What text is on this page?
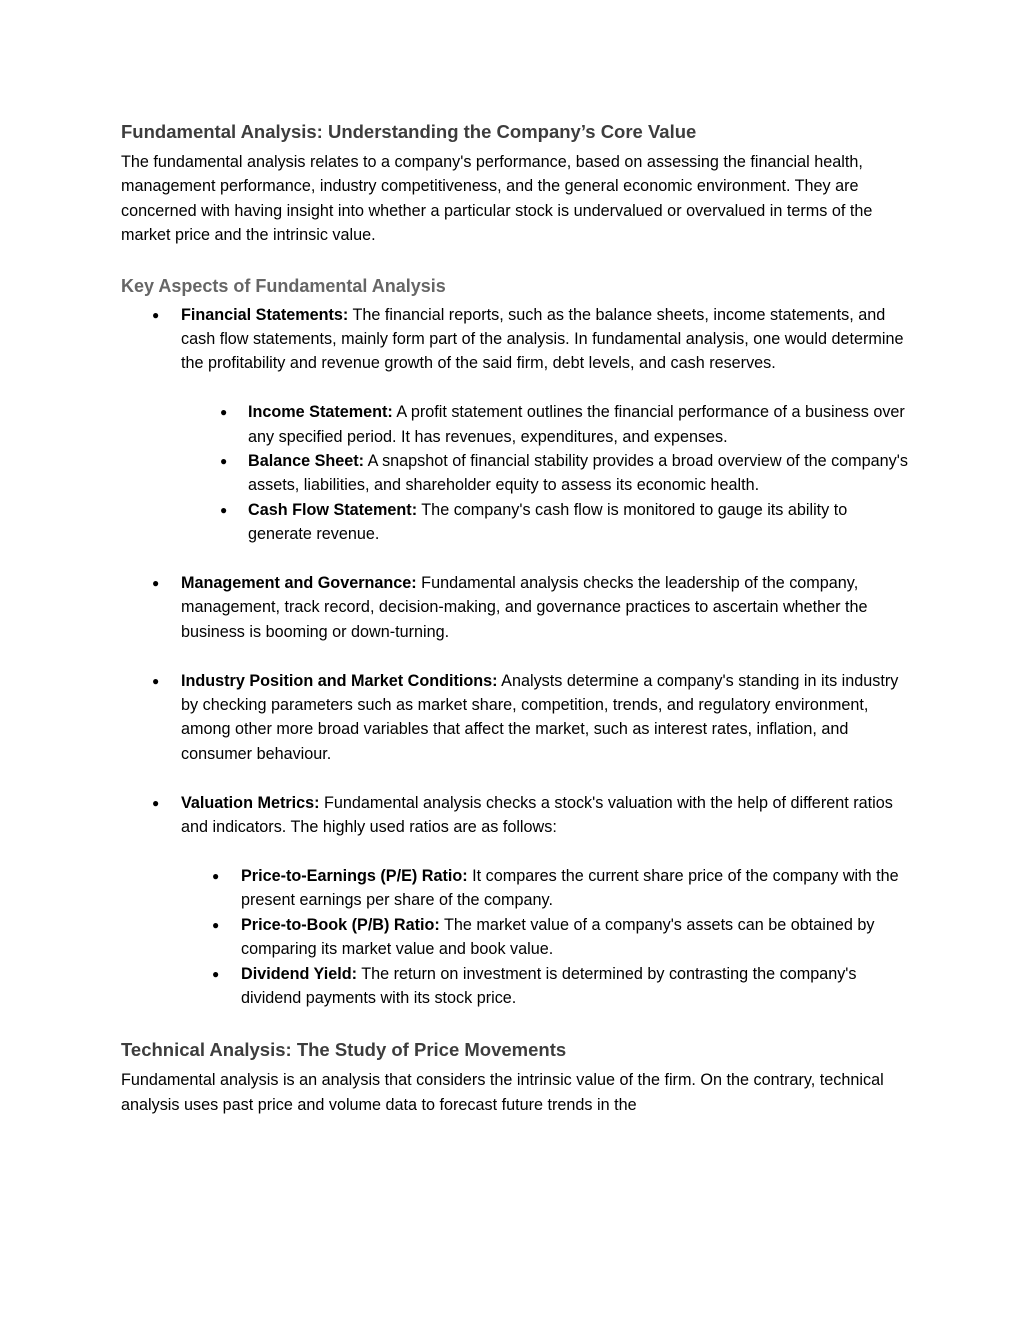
Fundamental Analysis: Understanding the Company’s Core Value

The fundamental analysis relates to a company's performance, based on assessing the financial health, management performance, industry competitiveness, and the general economic environment. They are concerned with having insight into whether a particular stock is undervalued or overvalued in terms of the market price and the intrinsic value.

Key Aspects of Fundamental Analysis
● Financial Statements: The financial reports, such as the balance sheets, income statements, and cash flow statements, mainly form part of the analysis. In fundamental analysis, one would determine the profitability and revenue growth of the said firm, debt levels, and cash reserves.
● Income Statement: A profit statement outlines the financial performance of a business over any specified period. It has revenues, expenditures, and expenses.
● Balance Sheet: A snapshot of financial stability provides a broad overview of the company's assets, liabilities, and shareholder equity to assess its economic health.
● Cash Flow Statement: The company's cash flow is monitored to gauge its ability to generate revenue.
● Management and Governance: Fundamental analysis checks the leadership of the company, management, track record, decision-making, and governance practices to ascertain whether the business is booming or down-turning.
● Industry Position and Market Conditions: Analysts determine a company's standing in its industry by checking parameters such as market share, competition, trends, and regulatory environment, among other more broad variables that affect the market, such as interest rates, inflation, and consumer behaviour.
● Valuation Metrics: Fundamental analysis checks a stock's valuation with the help of different ratios and indicators. The highly used ratios are as follows:
● Price-to-Earnings (P/E) Ratio: It compares the current share price of the company with the present earnings per share of the company.
● Price-to-Book (P/B) Ratio: The market value of a company's assets can be obtained by comparing its market value and book value.
● Dividend Yield: The return on investment is determined by contrasting the company's dividend payments with its stock price.
Technical Analysis: The Study of Price Movements

Fundamental analysis is an analysis that considers the intrinsic value of the firm. On the contrary, technical analysis uses past price and volume data to forecast future trends in the
